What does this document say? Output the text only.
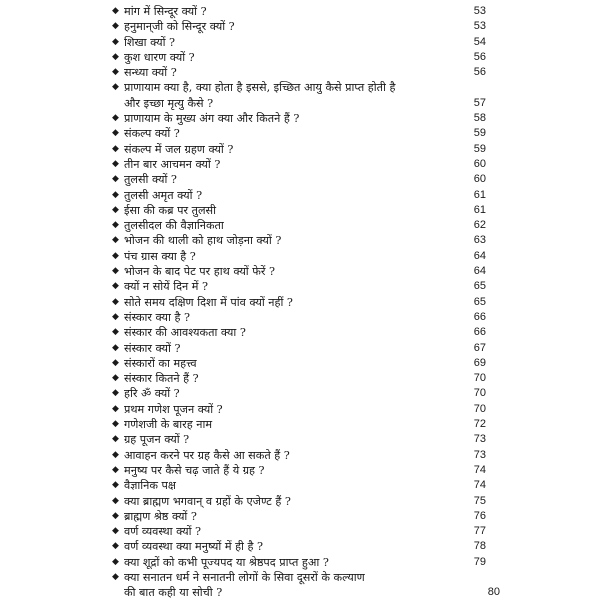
◆ मांग में सिन्दूर क्यों ?	53
◆ हनुमान्‌जी को सिन्दूर क्यों ?	53
◆ शिखा क्यों ?	54
◆ कुश धारण क्यों ?	56
◆ सन्ध्या क्यों ?	56
◆ प्राणायाम क्या है, क्या होता है इससे, इच्छित आयु कैसे प्राप्त होती है
और इच्छा मृत्यु कैसे ?	57
◆ प्राणायाम के मुख्य अंग क्या और कितने हैं ?	58
◆ संकल्प क्यों ?	59
◆ संकल्प में जल ग्रहण क्यों ?	59
◆ तीन बार आचमन क्यों ?	60
◆ तुलसी क्यों ?	60
◆ तुलसी अमृत क्यों ?	61
◆ ईसा की कब्र पर तुलसी	61
◆ तुलसीदल की वैज्ञानिकता	62
◆ भोजन की थाली को हाथ जोड़ना क्यों ?	63
◆ पंच ग्रास क्या है ?	64
◆ भोजन के बाद पेट पर हाथ क्यों फेरें ?	64
◆ क्यों न सोयें दिन में ?	65
◆ सोते समय दक्षिण दिशा में पांव क्यों नहीं ?	65
◆ संस्कार क्या है ?	66
◆ संस्कार की आवश्यकता क्या ?	66
◆ संस्कार क्यों ?	67
◆ संस्कारों का महत्त्व	69
◆ संस्कार कितने हैं ?	70
◆ हरि ॐ क्यों ?	70
◆ प्रथम गणेश पूजन क्यों ?	70
◆ गणेशजी के बारह नाम	72
◆ ग्रह पूजन क्यों ?	73
◆ आवाहन करने पर ग्रह कैसे आ सकते हैं ?	73
◆ मनुष्य पर कैसे चढ़ जाते हैं ये ग्रह ?	74
◆ वैज्ञानिक पक्ष	74
◆ क्या ब्राह्मण भगवान् व ग्रहों के एजेण्ट हैं ?	75
◆ ब्राह्मण श्रेष्ठ क्यों ?	76
◆ वर्ण व्यवस्था क्यों ?	77
◆ वर्ण व्यवस्था क्या मनुष्यों में ही है ?	78
◆ क्या शूद्रों को कभी पूज्यपद या श्रेष्ठपद प्राप्त हुआ ?	79
◆ क्या सनातन धर्म ने सनातनी लोगों के सिवा दूसरों के कल्याण
की बात कही या सोची ?	80
